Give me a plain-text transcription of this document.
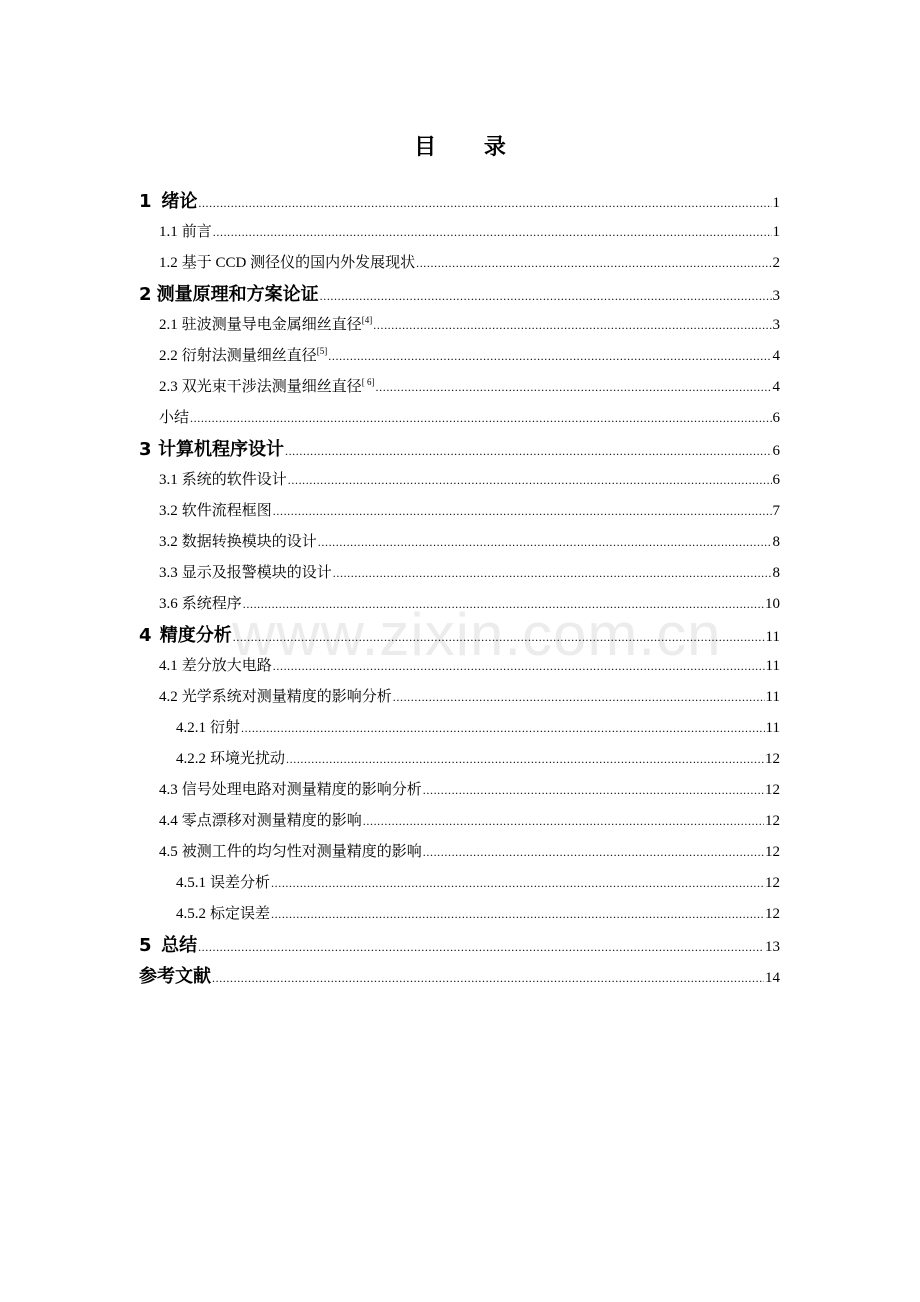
目 录
www.zixin.com.cn
1 绪论 .....	1
1.1 前言 .....	1
1.2 基于 CCD 测径仪的国内外发展现状 .....	2
2 测量原理和方案论证 .....	3
2.1 驻波测量导电金属细丝直径[4] .....	3
2.2 衍射法测量细丝直径[5] .....	4
2.3 双光束干涉法测量细丝直径[ 6] .....	4
小结 .....	6
3 计算机程序设计 .....	6
3.1 系统的软件设计 .....	6
3.2 软件流程框图 .....	7
3.2 数据转换模块的设计 .....	8
3.3 显示及报警模块的设计 .....	8
3.6 系统程序 .....	10
4 精度分析 .....	11
4.1 差分放大电路 .....	11
4.2 光学系统对测量精度的影响分析 .....	11
4.2.1 衍射 .....	11
4.2.2 环境光扰动 .....	12
4.3 信号处理电路对测量精度的影响分析 .....	12
4.4 零点漂移对测量精度的影响 .....	12
4.5 被测工件的均匀性对测量精度的影响 .....	12
4.5.1 误差分析 .....	12
4.5.2 标定误差 .....	12
5 总结 .....	13
参考文献 .....	14
